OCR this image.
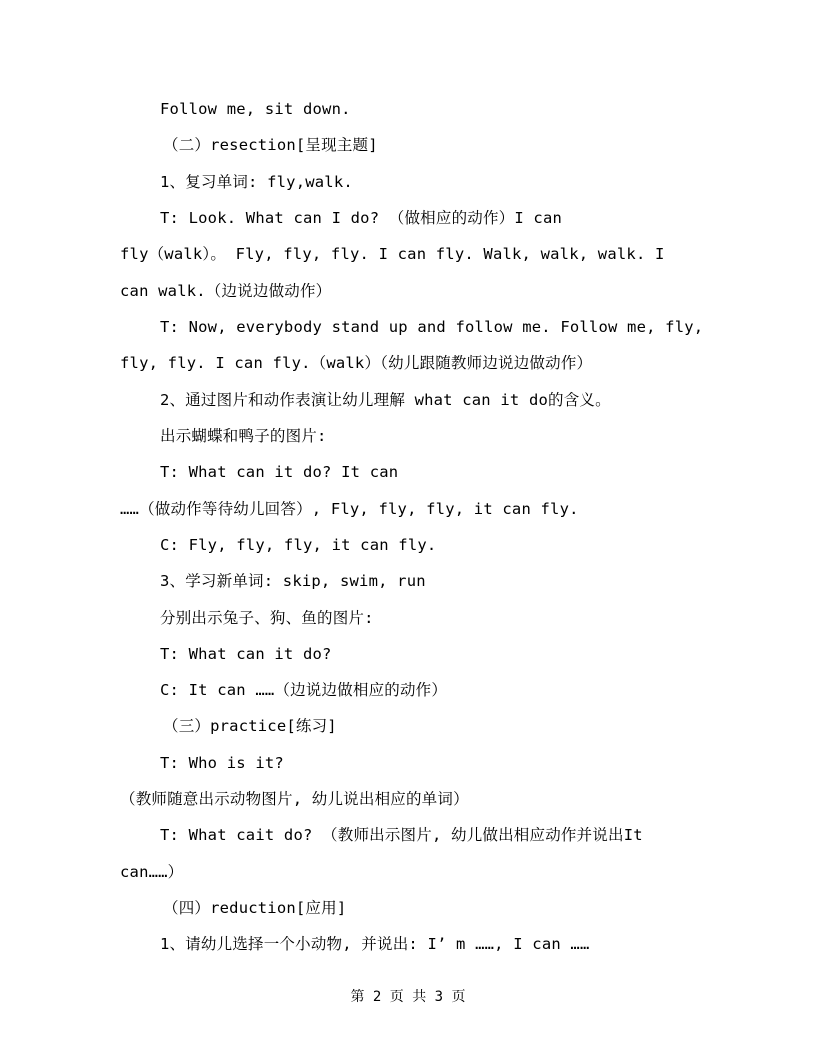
Follow me, sit down.
（二）resection[呈现主题]
1、复习单词: fly,walk.
T: Look. What can I do? （做相应的动作）I can
fly（walk）。 Fly, fly, fly. I can fly. Walk, walk, walk. I
can walk.（边说边做动作）
T: Now, everybody stand up and follow me. Follow me, fly,
fly, fly. I can fly.（walk）（幼儿跟随教师边说边做动作）
2、通过图片和动作表演让幼儿理解 what can it do的含义。
出示蝴蝶和鸭子的图片:
T: What can it do? It can
……（做动作等待幼儿回答）, Fly, fly, fly, it can fly.
C: Fly, fly, fly, it can fly.
3、学习新单词: skip, swim, run
分别出示兔子、狗、鱼的图片:
T: What can it do?
C: It can ……（边说边做相应的动作）
（三）practice[练习]
T: Who is it?
（教师随意出示动物图片, 幼儿说出相应的单词）
T: What cait do? （教师出示图片, 幼儿做出相应动作并说出It
can……）
（四）reduction[应用]
1、请幼儿选择一个小动物, 并说出: I’ m ……, I can ……
第 2 页 共 3 页
